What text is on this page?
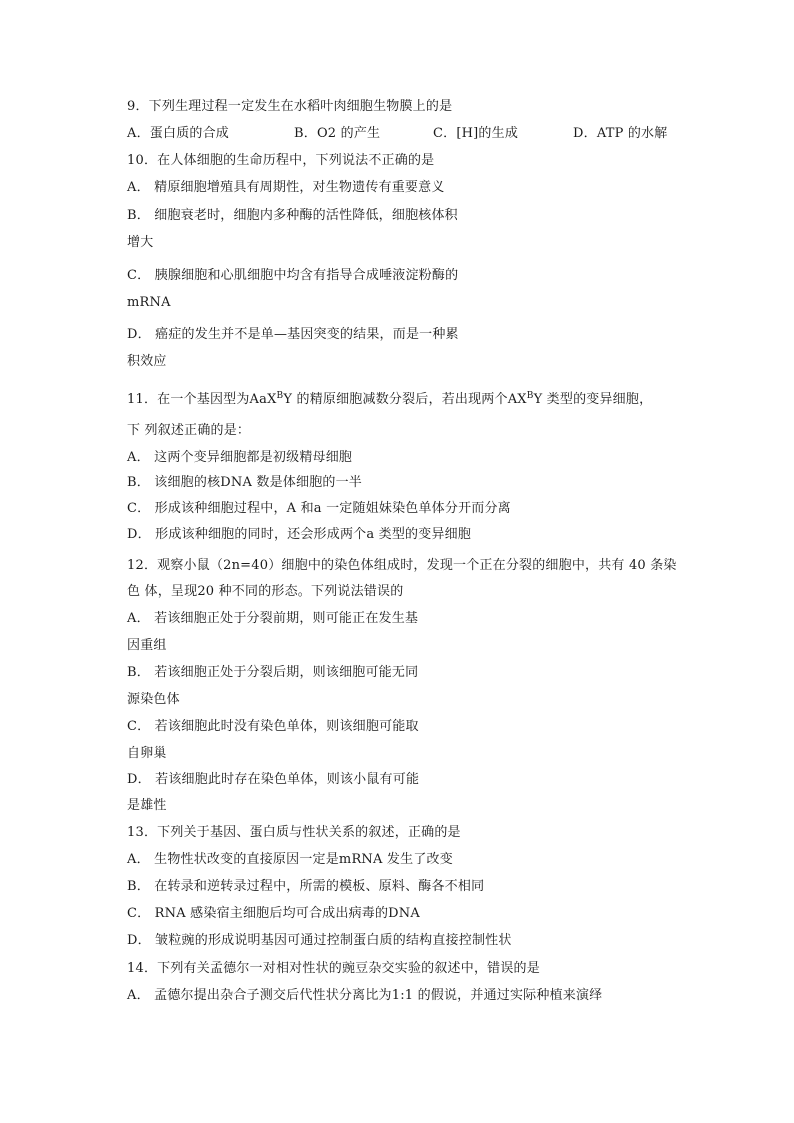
9．下列生理过程一定发生在水稻叶肉细胞生物膜上的是
A．蛋白质的合成	B．O2 的产生	C．[H]的生成	D．ATP 的水解
10．在人体细胞的生命历程中，下列说法不正确的是
A． 精原细胞增殖具有周期性，对生物遗传有重要意义
B． 细胞衰老时，细胞内多种酶的活性降低，细胞核体积
增大
C． 胰腺细胞和心肌细胞中均含有指导合成唾液淀粉酶的
mRNA
D． 癌症的发生并不是单—基因突变的结果，而是一种累
积效应
11．在一个基因型为AaX$^B$Y 的精原细胞减数分裂后，若出现两个$AX^BY$ 类型的变异细胞，
下 列叙述正确的是：
A． 这两个变异细胞都是初级精母细胞
B． 该细胞的核DNA 数是体细胞的一半
C． 形成该种细胞过程中，A 和a 一定随姐妹染色单体分开而分离
D． 形成该种细胞的同时，还会形成两个a 类型的变异细胞
12．观察小鼠（2n=40）细胞中的染色体组成时，发现一个正在分裂的细胞中，共有 40 条染
色 体，呈现20 种不同的形态。下列说法错误的
A． 若该细胞正处于分裂前期，则可能正在发生基
因重组
B． 若该细胞正处于分裂后期，则该细胞可能无同
源染色体
C． 若该细胞此时没有染色单体，则该细胞可能取
自卵巢
D． 若该细胞此时存在染色单体，则该小鼠有可能
是雄性
13．下列关于基因、蛋白质与性状关系的叙述，正确的是
A． 生物性状改变的直接原因一定是mRNA 发生了改变
B． 在转录和逆转录过程中，所需的模板、原料、酶各不相同
C． RNA 感染宿主细胞后均可合成出病毒的DNA
D． 皱粒豌的形成说明基因可通过控制蛋白质的结构直接控制性状
14．下列有关孟德尔一对相对性状的豌豆杂交实验的叙述中，错误的是
A． 孟德尔提出杂合子测交后代性状分离比为1:1 的假说，并通过实际种植来演绎
